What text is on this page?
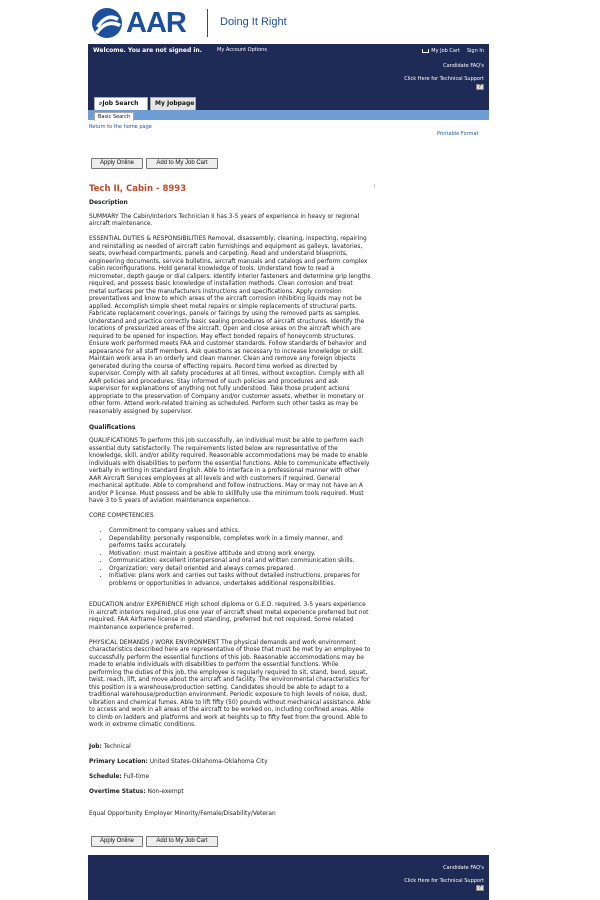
AAR	Doing It Right
Welcome. You are not signed in.	My Account Options	My Job Cart Sign In
Candidate FAQ's
Click Here for Technical Support
?
⌕Job Search	My Jobpage
Basic Search
Return to the home page
Printable Format
Apply Online	Add to My Job Cart
Tech II, Cabin - 8993
Description

SUMMARY The Cabin/Interiors Technician II has 3-5 years of experience in heavy or regional aircraft maintenance.

ESSENTIAL DUTIES & RESPONSIBILITIES Removal, disassembly, cleaning, inspecting, repairing and reinstalling as needed of aircraft cabin furnishings and equipment as galleys, lavatories, seats, overhead compartments, panels and carpeting. Read and understand blueprints, engineering documents, service bulletins, aircraft manuals and catalogs and perform complex cabin reconfigurations. Hold general knowledge of tools. Understand how to read a micrometer, depth gauge or dial calipers. Identify interior fasteners and determine grip lengths required, and possess basic knowledge of installation methods. Clean corrosion and treat metal surfaces per the manufacturers instructions and specifications. Apply corrosion preventatives and know to which areas of the aircraft corrosion inhibiting liquids may not be applied. Accomplish simple sheet metal repairs or simple replacements of structural parts. Fabricate replacement coverings, panels or fairings by using the removed parts as samples. Understand and practice correctly basic sealing procedures of aircraft structures. Identify the locations of pressurized areas of the aircraft. Open and close areas on the aircraft which are required to be opened for inspection. May effect bonded repairs of honeycomb structures. Ensure work performed meets FAA and customer standards. Follow standards of behavior and appearance for all staff members. Ask questions as necessary to increase knowledge or skill. Maintain work area in an orderly and clean manner. Clean and remove any foreign objects generated during the course of effecting repairs. Record time worked as directed by supervisor. Comply with all safety procedures at all times, without exception. Comply with all AAR policies and procedures. Stay informed of such policies and procedures and ask supervisor for explanations of anything not fully understood. Take those prudent actions appropriate to the preservation of Company and/or customer assets, whether in monetary or other form. Attend work-related training as scheduled. Perform such other tasks as may be reasonably assigned by supervisor.

Qualifications

QUALIFICATIONS To perform this job successfully, an individual must be able to perform each essential duty satisfactorily. The requirements listed below are representative of the knowledge, skill, and/or ability required. Reasonable accommodations may be made to enable individuals with disabilities to perform the essential functions. Able to communicate effectively verbally in writing in standard English. Able to interface in a professional manner with other AAR Aircraft Services employees at all levels and with customers if required. General mechanical aptitude. Able to comprehend and follow instructions. May or may not have an A and/or P license. Must possess and be able to skillfully use the minimum tools required. Must have 3 to 5 years of aviation maintenance experience.

CORE COMPETENCIES

• Commitment to company values and ethics.
• Dependability: personally responsible, completes work in a timely manner, and performs tasks accurately.
• Motivation: must maintain a positive attitude and strong work energy.
• Communication: excellent interpersonal and oral and written communication skills.
• Organization: very detail oriented and always comes prepared.
• Initiative: plans work and carries out tasks without detailed instructions, prepares for problems or opportunities in advance, undertakes additional responsibilities.

EDUCATION and/or EXPERIENCE High school diploma or G.E.D. required. 3-5 years experience in aircraft interiors required, plus one year of aircraft sheet metal experience preferred but not required. FAA Airframe license in good standing, preferred but not required. Some related maintenance experience preferred.

PHYSICAL DEMANDS / WORK ENVIRONMENT The physical demands and work environment characteristics described here are representative of those that must be met by an employee to successfully perform the essential functions of this job. Reasonable accommodations may be made to enable individuals with disabilities to perform the essential functions. While performing the duties of this job, the employee is regularly required to sit, stand, bend, squat, twist, reach, lift, and move about the aircraft and facility. The environmental characteristics for this position is a warehouse/production setting. Candidates should be able to adapt to a traditional warehouse/production environment. Periodic exposure to high levels of noise, dust, vibration and chemical fumes. Able to lift fifty (50) pounds without mechanical assistance. Able to access and work in all areas of the aircraft to be worked on, including confined areas. Able to climb on ladders and platforms and work at heights up to fifty feet from the ground. Able to work in extreme climatic conditions.

Job: Technical

Primary Location: United States-Oklahoma-Oklahoma City

Schedule: Full-time

Overtime Status: Non-exempt

Equal Opportunity Employer Minority/Female/Disability/Veteran

Apply Online	Add to My Job Cart
Candidate FAQ's
Click Here for Technical Support
?
